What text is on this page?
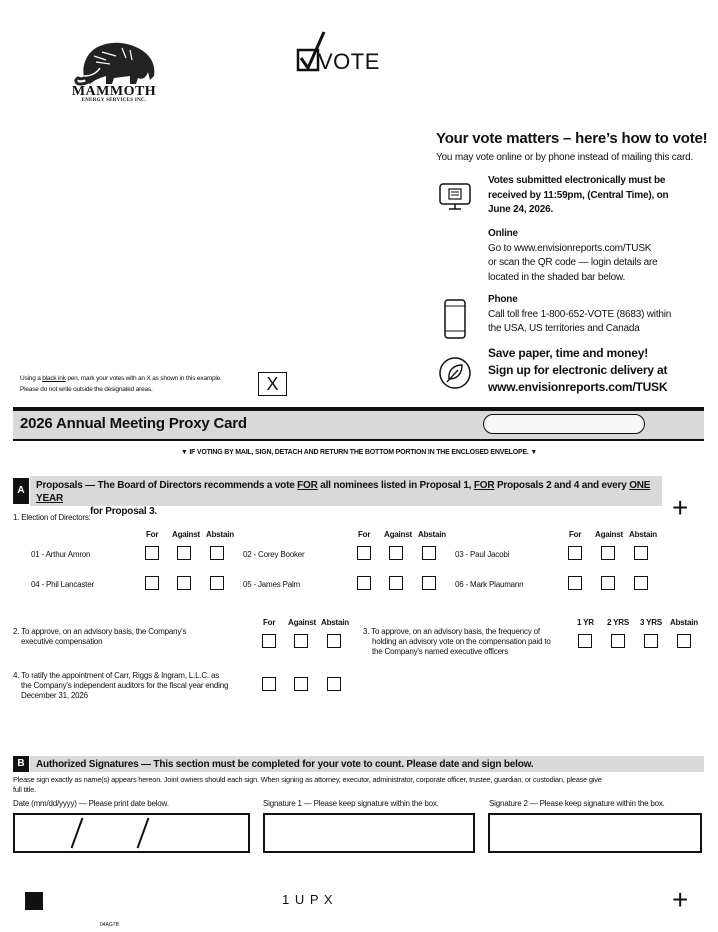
MAMMOTH
ENERGY SERVICES INC.
VOTE
Your vote matters – here’s how to vote!
You may vote online or by phone instead of mailing this card.
Votes submitted electronically must be
received by 11:59pm, (Central Time), on
June 24, 2026.
Online
Go to www.envisionreports.com/TUSK
or scan the QR code — login details are
located in the shaded bar below.
Phone
Call toll free 1-800-652-VOTE (8683) within
the USA, US territories and Canada
Save paper, time and money!
Sign up for electronic delivery at
www.envisionreports.com/TUSK
Using a black ink pen, mark your votes with an X as shown in this example.
Please do not write outside the designated areas.	X
2026 Annual Meeting Proxy Card
▼ IF VOTING BY MAIL, SIGN, DETACH AND RETURN THE BOTTOM PORTION IN THE ENCLOSED ENVELOPE. ▼
A	Proposals — The Board of Directors recommends a vote FOR all nominees listed in Proposal 1, FOR Proposals 2 and 4 and every ONE YEAR
for Proposal 3.	+
1. Election of Directors:
For Against Abstain	For Against Abstain	For Against Abstain
01 - Arthur Amron	02 - Corey Booker	03 - Paul Jacobi
04 - Phil Lancaster	05 - James Palm	06 - Mark Plaumann
For Against Abstain
2. To approve, on an advisory basis, the Company's
executive compensation
1 YR 2 YRS 3 YRS Abstain
3. To approve, on an advisory basis, the frequency of
holding an advisory vote on the compensation paid to
the Company's named executive officers
4. To ratify the appointment of Carr, Riggs & Ingram, L.L.C. as
the Company's independent auditors for the fiscal year ending
December 31, 2026
B	Authorized Signatures — This section must be completed for your vote to count. Please date and sign below.
Please sign exactly as name(s) appears hereon. Joint owners should each sign. When signing as attorney, executor, administrator, corporate officer, trustee, guardian, or custodian, please give
full title.
Date (mm/dd/yyyy) — Please print date below.	Signature 1 — Please keep signature within the box.	Signature 2 — Please keep signature within the box.
1 U P X
04AG7B
+
